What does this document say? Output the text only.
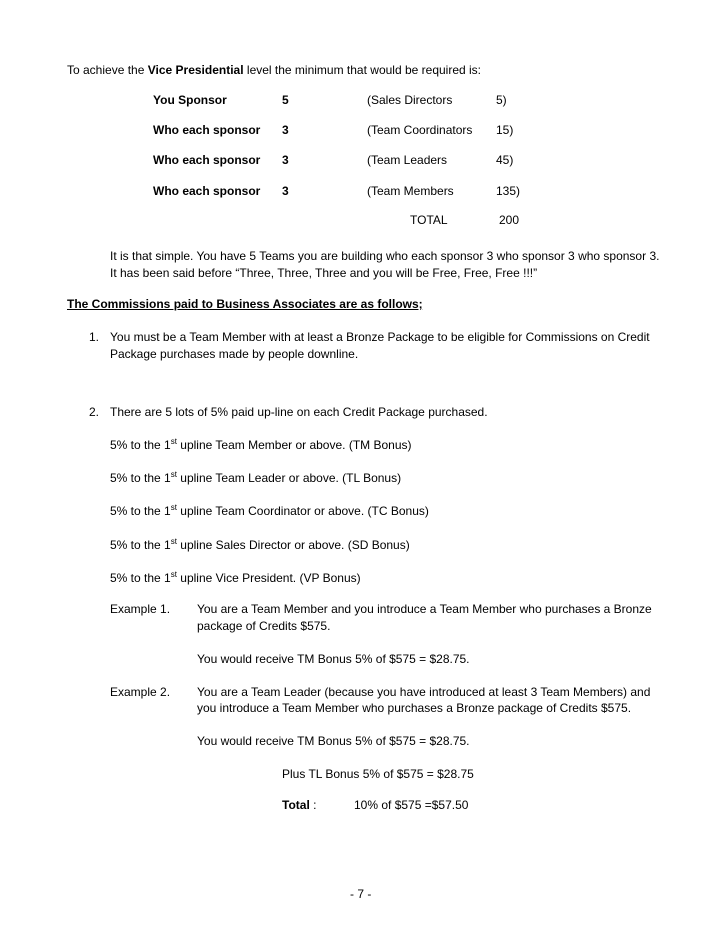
To achieve the Vice Presidential level the minimum that would be required is:
You Sponsor	5	(Sales Directors	5)
Who each sponsor 3	(Team Coordinators 15)
Who each sponsor 3	(Team Leaders	45)
Who each sponsor 3	(Team Members	135)
TOTAL	200
It is that simple. You have 5 Teams you are building who each sponsor 3 who sponsor 3 who sponsor 3.
It has been said before “Three, Three, Three and you will be Free, Free, Free !!!”
The Commissions paid to Business Associates are as follows;
1. You must be a Team Member with at least a Bronze Package to be eligible for Commissions on Credit
Package purchases made by people downline.
2. There are 5 lots of 5% paid up-line on each Credit Package purchased.
5% to the 1st upline Team Member or above. (TM Bonus)
5% to the 1st upline Team Leader or above. (TL Bonus)
5% to the 1st upline Team Coordinator or above. (TC Bonus)
5% to the 1st upline Sales Director or above. (SD Bonus)
5% to the 1st upline Vice President. (VP Bonus)
Example 1. You are a Team Member and you introduce a Team Member who purchases a Bronze
package of Credits $575.
You would receive TM Bonus 5% of $575 = $28.75.
Example 2. You are a Team Leader (because you have introduced at least 3 Team Members) and
you introduce a Team Member who purchases a Bronze package of Credits $575.
You would receive TM Bonus 5% of $575 = $28.75.
Plus TL Bonus 5% of $575 = $28.75
Total :	10% of $575 =$57.50
- 7 -
